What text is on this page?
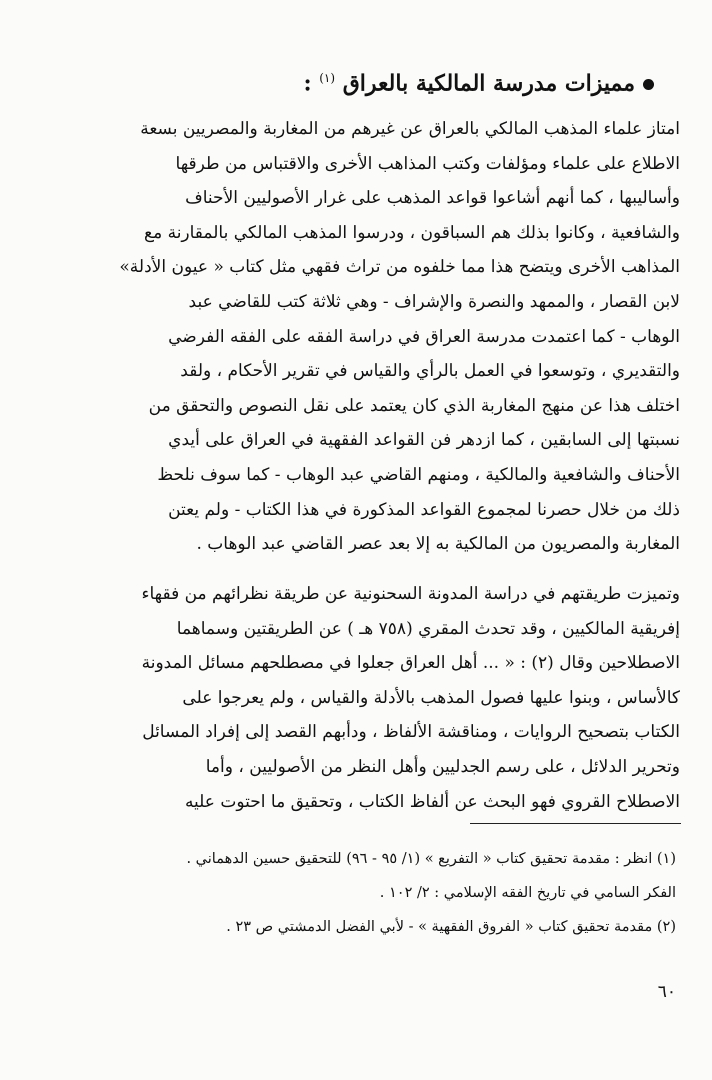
مميزات مدرسة المالكية بالعراق $^{(١)}$ :
امتاز علماء المذهب المالكي بالعراق عن غيرهم من المغاربة والمصريين بسعة
الاطلاع على علماء ومؤلفات وكتب المذاهب الأخرى والاقتباس من طرقها
وأساليبها ، كما أنهم أشاعوا قواعد المذهب على غرار الأصوليين الأحناف
والشافعية ، وكانوا بذلك هم السباقون ، ودرسوا المذهب المالكي بالمقارنة مع
المذاهب الأخرى ويتضح هذا مما خلفوه من تراث فقهي مثل كتاب « عيون الأدلة»
لابن القصار ، والممهد والنصرة والإشراف - وهي ثلاثة كتب للقاضي عبد
الوهاب - كما اعتمدت مدرسة العراق في دراسة الفقه على الفقه الفرضي
والتقديري ، وتوسعوا في العمل بالرأي والقياس في تقرير الأحكام ، ولقد
اختلف هذا عن منهج المغاربة الذي كان يعتمد على نقل النصوص والتحقق من
نسبتها إلى السابقين ، كما ازدهر فن القواعد الفقهية في العراق على أيدي
الأحناف والشافعية والمالكية ، ومنهم القاضي عبد الوهاب - كما سوف نلحظ
ذلك من خلال حصرنا لمجموع القواعد المذكورة في هذا الكتاب - ولم يعتن
المغاربة والمصريون من المالكية به إلا بعد عصر القاضي عبد الوهاب .
وتميزت طريقتهم في دراسة المدونة السحنونية عن طريقة نظرائهم من فقهاء
إفريقية المالكيين ، وقد تحدث المقري (٧٥٨ هـ ) عن الطريقتين وسماهما
الاصطلاحين وقال (٢) : « ... أهل العراق جعلوا في مصطلحهم مسائل المدونة
كالأساس ، وبنوا عليها فصول المذهب بالأدلة والقياس ، ولم يعرجوا على
الكتاب بتصحيح الروايات ، ومناقشة الألفاظ ، ودأبهم القصد إلى إفراد المسائل
وتحرير الدلائل ، على رسم الجدليين وأهل النظر من الأصوليين ، وأما
الاصطلاح القروي فهو البحث عن ألفاظ الكتاب ، وتحقيق ما احتوت عليه
(١) انظر : مقدمة تحقيق كتاب « التفريع » (١/ ٩٥ - ٩٦) للتحقيق حسين الدهماني .
الفكر السامي في تاريخ الفقه الإسلامي : ٢/ ١٠٢ .
(٢) مقدمة تحقيق كتاب « الفروق الفقهية » - لأبي الفضل الدمشتي ص ٢٣ .
٦٠
